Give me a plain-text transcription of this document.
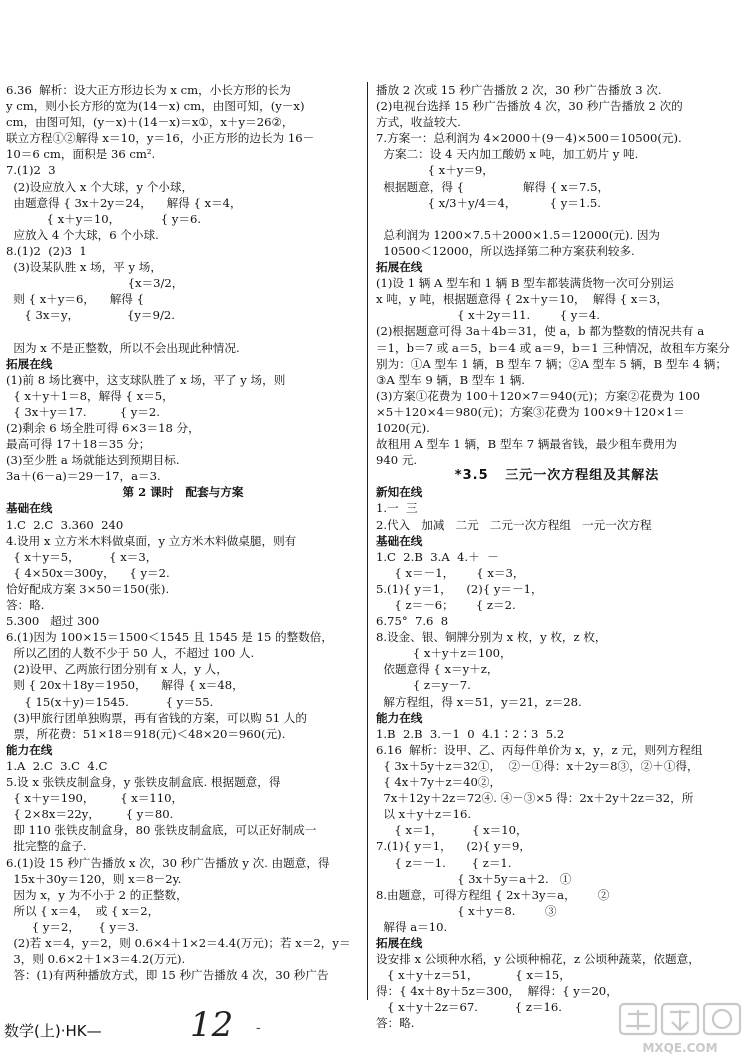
6.36  解析：设大正方形边长为 x cm，小长方形的长为
y cm，则小长方形的宽为(14－x) cm，由图可知，(y－x)
cm，由图可知，(y－x)＋(14－x)＝x①，x＋y＝26②，
联立方程①②解得 x＝10，y＝16，小正方形的边长为 16－
10＝6 cm，面积是 36 cm².
7.(1)2  3
(2)设应放入 x 个大球，y 个小球，
由题意得 { 3x＋2y＝24，    解得 { x＝4，
{ x＋y＝10，           { y＝6.
应放入 4 个大球，6 个小球.
8.(1)2  (2)3  1
(3)设某队胜 x 场，平 y 场，
{x＝3/2，
则 { x＋y＝6，    解得 {
{ 3x＝y，             {y＝9/2.

因为 x 不是正整数，所以不会出现此种情况.
拓展在线
(1)前 8 场比赛中，这支球队胜了 x 场，平了 y 场，则
{ x＋y＋1＝8，解得 { x＝5，
{ 3x＋y＝17.         { y＝2.
(2)剩余 6 场全胜可得 6×3＝18 分，
最高可得 17＋18＝35 分；
(3)至少胜 a 场就能达到预期目标.
3a＋(6－a)＝29－17，a＝3.
第 2 课时   配套与方案
基础在线
1.C  2.C  3.360  240
4.设用 x 立方米木料做桌面，y 立方米木料做桌腿，则有
{ x＋y＝5，        { x＝3，
{ 4×50x＝300y，    { y＝2.
恰好配成方案 3×50＝150(张).
答：略.
5.300   超过 300
6.(1)因为 100×15＝1500＜1545 且 1545 是 15 的整数倍，
所以乙团的人数不少于 50 人，不超过 100 人.
(2)设甲、乙两旅行团分别有 x 人，y 人，
则 { 20x＋18y＝1950，    解得 { x＝48，
{ 15(x＋y)＝1545.          { y＝55.
(3)甲旅行团单独购票，再有省钱的方案，可以购 51 人的
票，所花费：51×18＝918(元)＜48×20＝960(元).
能力在线
1.A  2.C  3.C  4.C
5.设 x 张铁皮制盒身，y 张铁皮制盒底. 根据题意，得
{ x＋y＝190，       { x＝110，
{ 2×8x＝22y，       { y＝80.
即 110 张铁皮制盒身，80 张铁皮制盒底，可以正好制成一
批完整的盒子.
6.(1)设 15 秒广告播放 x 次，30 秒广告播放 y 次. 由题意，得
15x＋30y＝120，则 x＝8－2y.
因为 x，y 为不小于 2 的正整数，
所以 { x＝4，  或 { x＝2，
{ y＝2，     { y＝3.
(2)若 x＝4，y＝2，则 0.6×4＋1×2＝4.4(万元)；若 x＝2，y＝
3，则 0.6×2＋1×3＝4.2(万元).
答：(1)有两种播放方式，即 15 秒广告播放 4 次，30 秒广告
播放 2 次或 15 秒广告播放 2 次，30 秒广告播放 3 次.
(2)电视台选择 15 秒广告播放 4 次，30 秒广告播放 2 次的
方式，收益较大.
7.方案一：总利润为 4×2000＋(9－4)×500＝10500(元).
方案二：设 4 天内加工酸奶 x 吨，加工奶片 y 吨.
{ x＋y＝9，
根据题意，得 {                解得 { x＝7.5，
{ x/3＋y/4＝4，         { y＝1.5.

总利润为 1200×7.5＋2000×1.5＝12000(元). 因为
10500＜12000，所以选择第二种方案获利较多.
拓展在线
(1)设 1 辆 A 型车和 1 辆 B 型车都装满货物一次可分别运
x 吨，y 吨，根据题意得 { 2x＋y＝10，  解得 { x＝3，
{ x＋2y＝11.        { y＝4.
(2)根据题意可得 3a＋4b＝31，使 a，b 都为整数的情况共有 a
＝1，b＝7 或 a＝5，b＝4 或 a＝9，b＝1 三种情况，故租车方案分
别为：①A 型车 1 辆，B 型车 7 辆；②A 型车 5 辆，B 型车 4 辆；
③A 型车 9 辆，B 型车 1 辆.
(3)方案①花费为 100＋120×7＝940(元)；方案②花费为 100
×5＋120×4＝980(元)；方案③花费为 100×9＋120×1＝
1020(元).
故租用 A 型车 1 辆，B 型车 7 辆最省钱，最少租车费用为
940 元.
*3.5   三元一次方程组及其解法
新知在线
1.一  三
2.代入   加减   二元   二元一次方程组   一元一次方程
基础在线
1.C  2.B  3.A  4.＋  －
{ x＝－1，      { x＝3，
5.(1){ y＝1，    (2){ y＝－1，
{ z＝－6；      { z＝2.
6.75°  7.6  8
8.设金、银、铜牌分别为 x 枚，y 枚，z 枚，
{ x＋y＋z＝100，
依题意得 { x＝y＋z，
{ z＝y－7.
解方程组，得 x＝51，y＝21，z＝28.
能力在线
1.B  2.B  3.－1  0  4.1∶2∶3  5.2
6.16  解析：设甲、乙、丙每件单价为 x，y，z 元，则列方程组
{ 3x＋5y＋z＝32①，  ②－①得：x＋2y＝8③，②＋①得，
{ 4x＋7y＋z＝40②，
7x＋12y＋2z＝72④. ④－③×5 得：2x＋2y＋2z＝32，所
以 x＋y＋z＝16.
{ x＝1，        { x＝10，
7.(1){ y＝1，    (2){ y＝9，
{ z＝－1.       { z＝1.
{ 3x＋5y＝a＋2.   ①
8.由题意，可得方程组 { 2x＋3y＝a，      ②
{ x＋y＝8.        ③
解得 a＝10.
拓展在线
设安排 x 公顷种水稻，y 公顷种棉花，z 公顷种蔬菜，依题意，
{ x＋y＋z＝51，          { x＝15，
得：{ 4x＋8y＋5z＝300，  解得：{ y＝20，
{ x＋y＋2z＝67.          { z＝16.
答：略.
数学(上)·HK—	12 -
MXQE.COM
